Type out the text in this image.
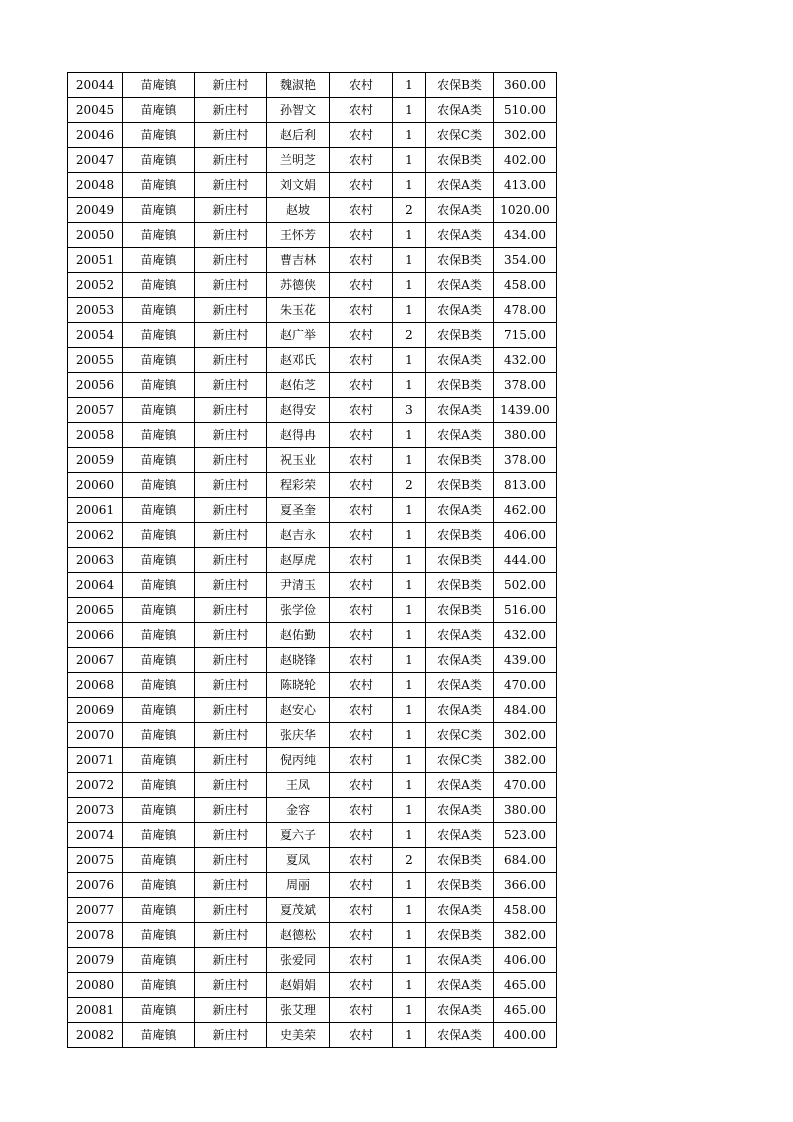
20044	苗庵镇	新庄村	魏淑艳	农村	1	农保B类	360.00
20045	苗庵镇	新庄村	孙智文	农村	1	农保A类	510.00
20046	苗庵镇	新庄村	赵后利	农村	1	农保C类	302.00
20047	苗庵镇	新庄村	兰明芝	农村	1	农保B类	402.00
20048	苗庵镇	新庄村	刘文娟	农村	1	农保A类	413.00
20049	苗庵镇	新庄村	赵坡	农村	2	农保A类	1020.00
20050	苗庵镇	新庄村	王怀芳	农村	1	农保A类	434.00
20051	苗庵镇	新庄村	曹吉林	农村	1	农保B类	354.00
20052	苗庵镇	新庄村	苏德侠	农村	1	农保A类	458.00
20053	苗庵镇	新庄村	朱玉花	农村	1	农保A类	478.00
20054	苗庵镇	新庄村	赵广举	农村	2	农保B类	715.00
20055	苗庵镇	新庄村	赵邓氏	农村	1	农保A类	432.00
20056	苗庵镇	新庄村	赵佑芝	农村	1	农保B类	378.00
20057	苗庵镇	新庄村	赵得安	农村	3	农保A类	1439.00
20058	苗庵镇	新庄村	赵得冉	农村	1	农保A类	380.00
20059	苗庵镇	新庄村	祝玉业	农村	1	农保B类	378.00
20060	苗庵镇	新庄村	程彩荣	农村	2	农保B类	813.00
20061	苗庵镇	新庄村	夏圣奎	农村	1	农保A类	462.00
20062	苗庵镇	新庄村	赵吉永	农村	1	农保B类	406.00
20063	苗庵镇	新庄村	赵厚虎	农村	1	农保B类	444.00
20064	苗庵镇	新庄村	尹清玉	农村	1	农保B类	502.00
20065	苗庵镇	新庄村	张学俭	农村	1	农保B类	516.00
20066	苗庵镇	新庄村	赵佑勤	农村	1	农保A类	432.00
20067	苗庵镇	新庄村	赵晓锋	农村	1	农保A类	439.00
20068	苗庵镇	新庄村	陈晓轮	农村	1	农保A类	470.00
20069	苗庵镇	新庄村	赵安心	农村	1	农保A类	484.00
20070	苗庵镇	新庄村	张庆华	农村	1	农保C类	302.00
20071	苗庵镇	新庄村	倪丙纯	农村	1	农保C类	382.00
20072	苗庵镇	新庄村	王凤	农村	1	农保A类	470.00
20073	苗庵镇	新庄村	金容	农村	1	农保A类	380.00
20074	苗庵镇	新庄村	夏六子	农村	1	农保A类	523.00
20075	苗庵镇	新庄村	夏凤	农村	2	农保B类	684.00
20076	苗庵镇	新庄村	周丽	农村	1	农保B类	366.00
20077	苗庵镇	新庄村	夏茂斌	农村	1	农保A类	458.00
20078	苗庵镇	新庄村	赵德松	农村	1	农保B类	382.00
20079	苗庵镇	新庄村	张爱同	农村	1	农保A类	406.00
20080	苗庵镇	新庄村	赵娟娟	农村	1	农保A类	465.00
20081	苗庵镇	新庄村	张艾理	农村	1	农保A类	465.00
20082	苗庵镇	新庄村	史美荣	农村	1	农保A类	400.00
